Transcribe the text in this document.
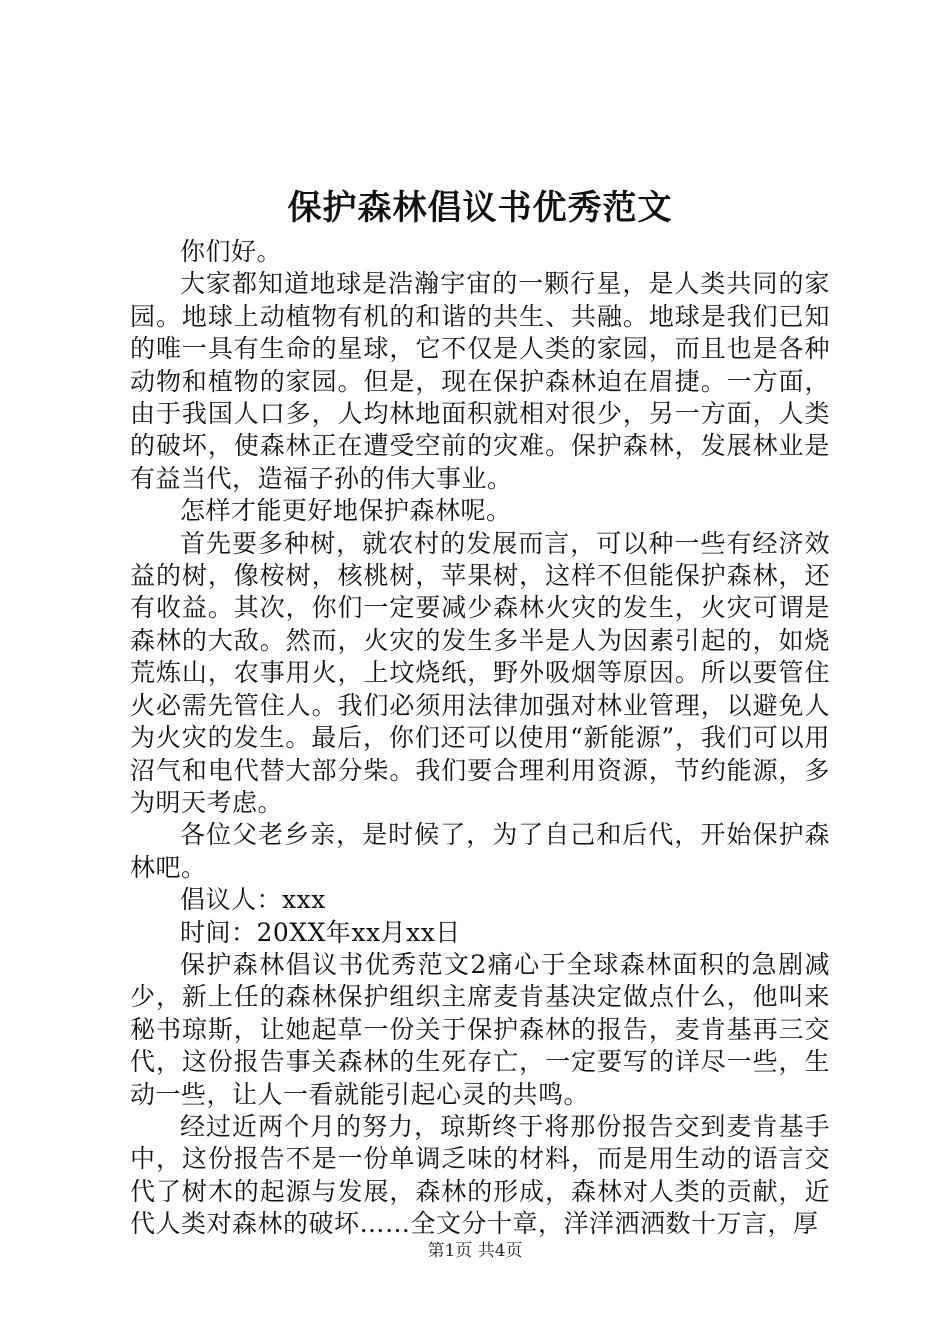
保护森林倡议书优秀范文

你们好。

大家都知道地球是浩瀚宇宙的一颗行星，是人类共同的家园。地球上动植物有机的和谐的共生、共融。地球是我们已知的唯一具有生命的星球，它不仅是人类的家园，而且也是各种动物和植物的家园。但是，现在保护森林迫在眉捷。一方面，由于我国人口多，人均林地面积就相对很少，另一方面，人类的破坏，使森林正在遭受空前的灾难。保护森林，发展林业是有益当代，造福子孙的伟大事业。

怎样才能更好地保护森林呢。

首先要多种树，就农村的发展而言，可以种一些有经济效益的树，像桉树，核桃树，苹果树，这样不但能保护森林，还有收益。其次，你们一定要减少森林火灾的发生，火灾可谓是森林的大敌。然而，火灾的发生多半是人为因素引起的，如烧荒炼山，农事用火，上坟烧纸，野外吸烟等原因。所以要管住火必需先管住人。我们必须用法律加强对林业管理，以避免人为火灾的发生。最后，你们还可以使用“新能源”，我们可以用沼气和电代替大部分柴。我们要合理利用资源，节约能源，多为明天考虑。

各位父老乡亲，是时候了，为了自己和后代，开始保护森林吧。

倡议人：xxx

时间：20XX年xx月xx日

保护森林倡议书优秀范文2痛心于全球森林面积的急剧减少，新上任的森林保护组织主席麦肯基决定做点什么，他叫来秘书琼斯，让她起草一份关于保护森林的报告，麦肯基再三交代，这份报告事关森林的生死存亡，一定要写的详尽一些，生动一些，让人一看就能引起心灵的共鸣。

经过近两个月的努力，琼斯终于将那份报告交到麦肯基手中，这份报告不是一份单调乏味的材料，而是用生动的语言交代了树木的起源与发展，森林的形成，森林对人类的贡献，近代人类对森林的破坏……全文分十章，洋洋洒洒数十万言，厚

第1页 共4页
